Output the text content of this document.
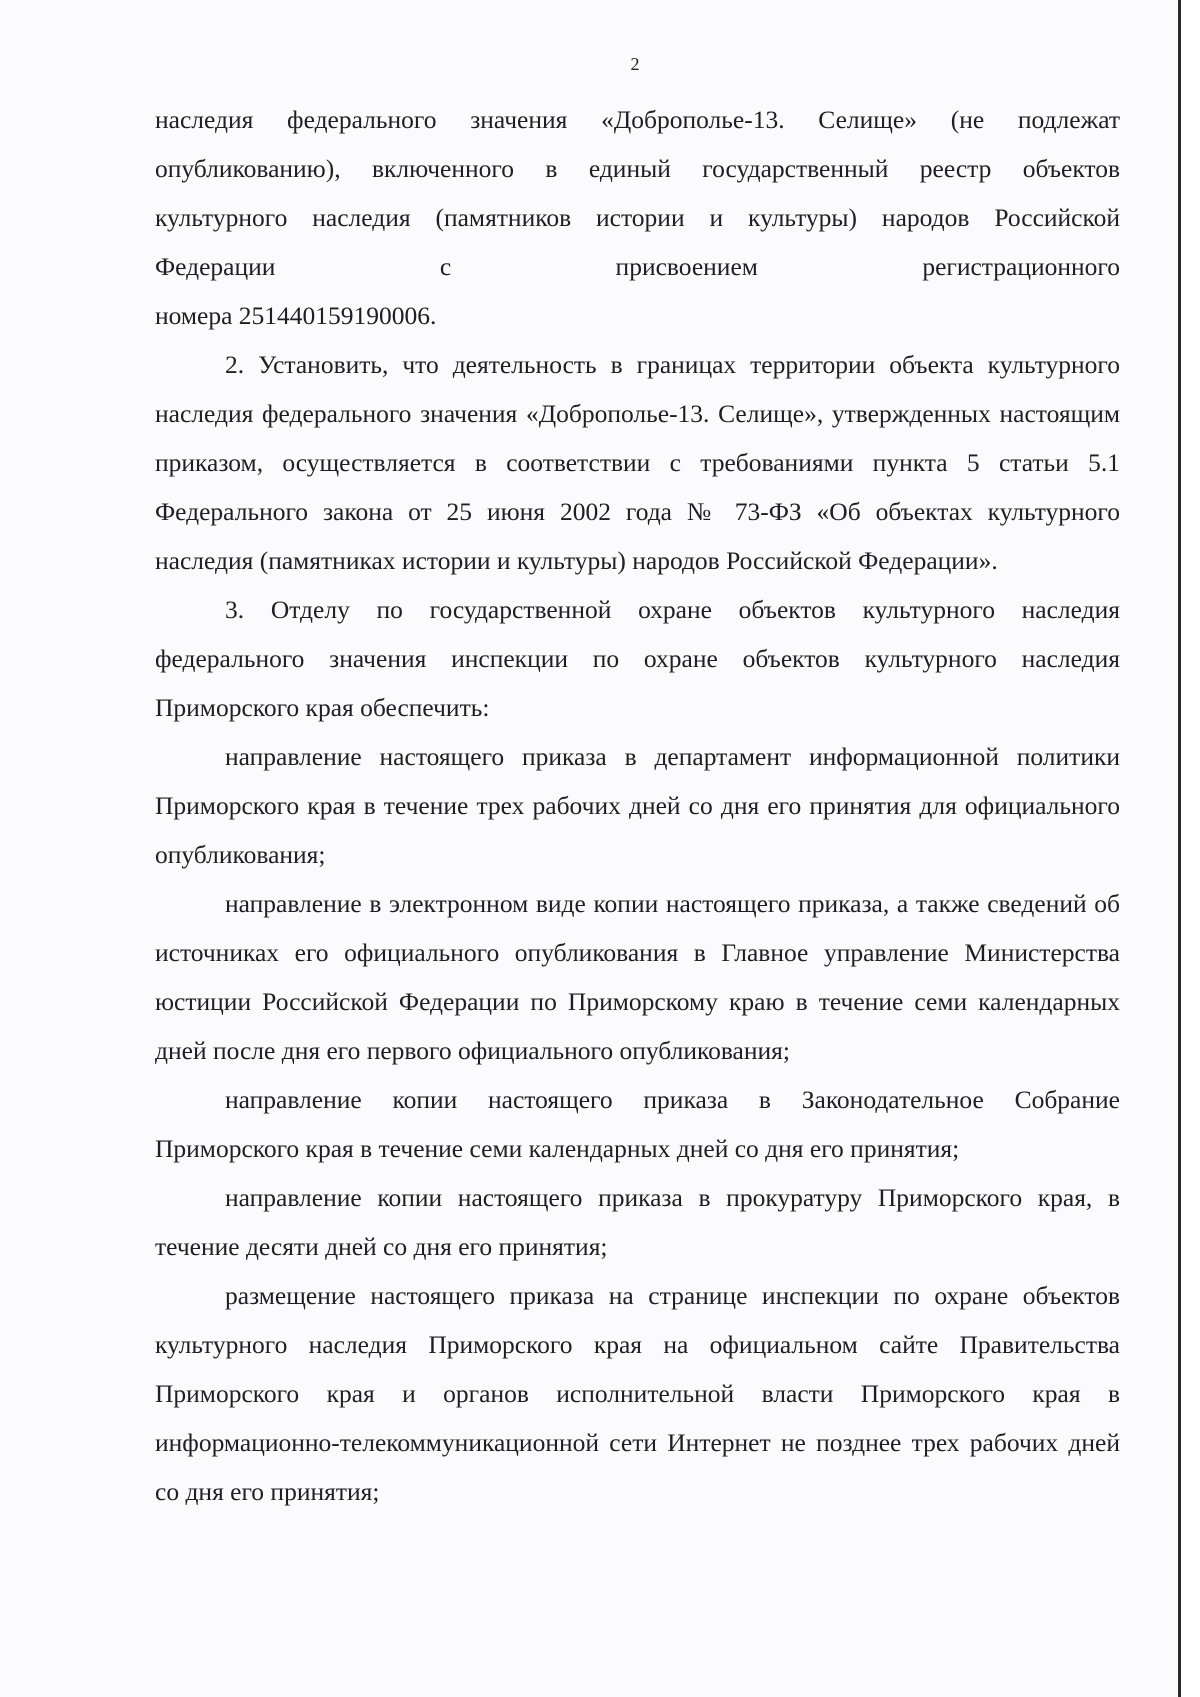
2
наследия федерального значения «Доброполье-13. Селище» (не подлежат
опубликованию), включенного в единый государственный реестр объектов
культурного наследия (памятников истории и культуры) народов Российской
Федерации с присвоением регистрационного
номера 251440159190006.

2. Установить, что деятельность в границах территории объекта культурного наследия федерального значения «Доброполье-13. Селище», утвержденных настоящим приказом, осуществляется в соответствии с требованиями пункта 5 статьи 5.1 Федерального закона от 25 июня 2002 года № 73-ФЗ «Об объектах культурного наследия (памятниках истории и культуры) народов Российской Федерации».

3. Отделу по государственной охране объектов культурного наследия федерального значения инспекции по охране объектов культурного наследия Приморского края обеспечить:

направление настоящего приказа в департамент информационной политики Приморского края в течение трех рабочих дней со дня его принятия для официального опубликования;

направление в электронном виде копии настоящего приказа, а также сведений об источниках его официального опубликования в Главное управление Министерства юстиции Российской Федерации по Приморскому краю в течение семи календарных дней после дня его первого официального опубликования;

направление копии настоящего приказа в Законодательное Собрание Приморского края в течение семи календарных дней со дня его принятия;

направление копии настоящего приказа в прокуратуру Приморского края, в течение десяти дней со дня его принятия;

размещение настоящего приказа на странице инспекции по охране объектов культурного наследия Приморского края на официальном сайте Правительства Приморского края и органов исполнительной власти Приморского края в информационно-телекоммуникационной сети Интернет не позднее трех рабочих дней со дня его принятия;
